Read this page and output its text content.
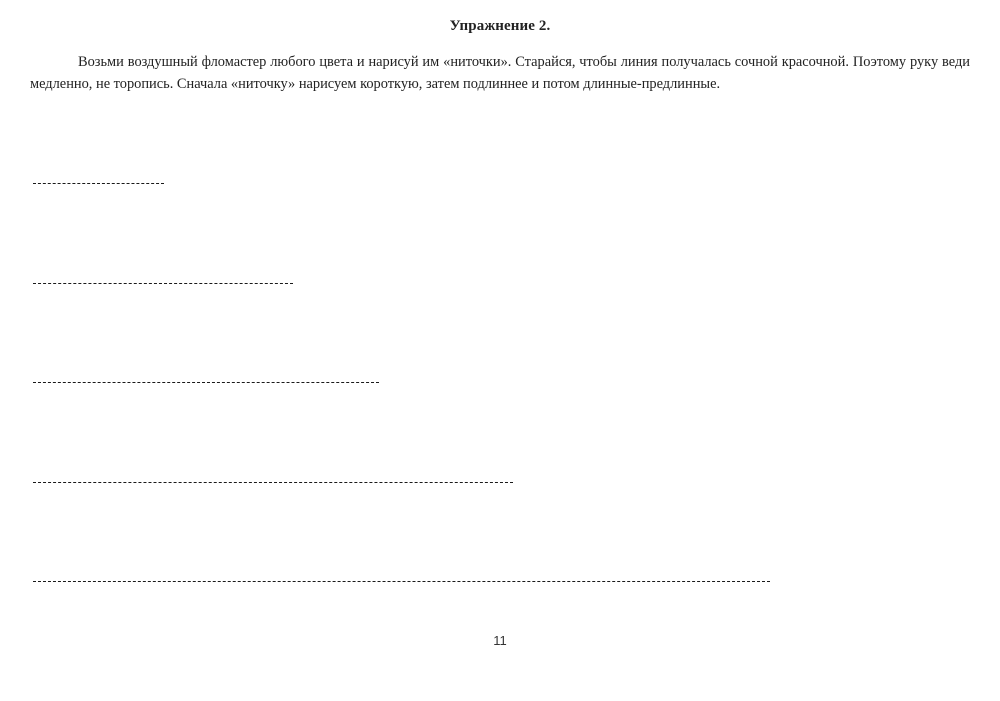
Упражнение 2.

Возьми воздушный фломастер любого цвета и нарисуй им «ниточки». Старайся, чтобы линия получалась сочной красочной. Поэтому руку веди медленно, не торопись. Сначала «ниточку» нарисуем короткую, затем подлиннее и потом длинные-предлинные.

11
